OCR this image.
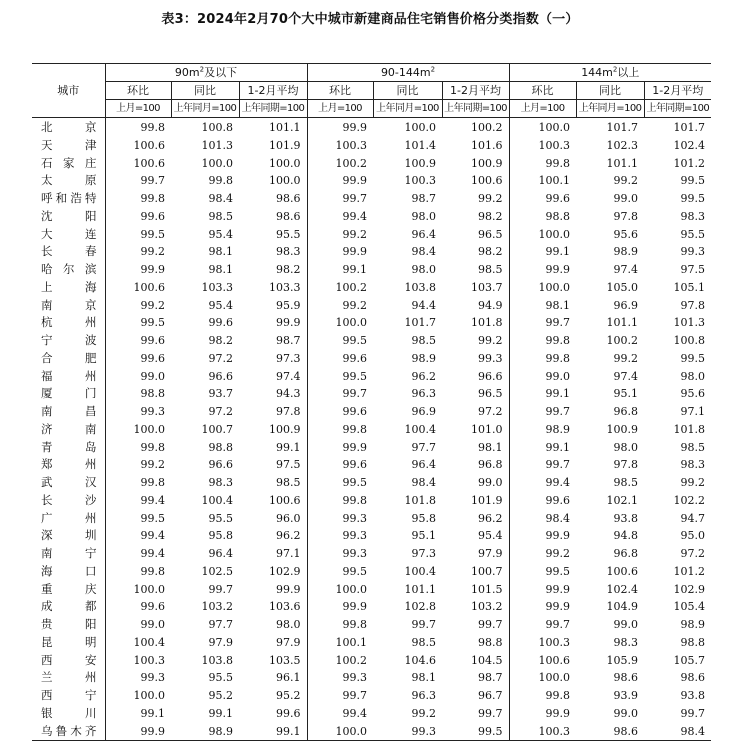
表3：2024年2月70个大中城市新建商品住宅销售价格分类指数（一）
城市	$90m^2$及以下			$90-144m^2$			$144m^2$以上		
	环比	同比	1-2月平均	环比	同比	1-2月平均	环比	同比	1-2月平均
	上月=100	上年同月=100	上年同期=100	上月=100	上年同月=100	上年同期=100	上月=100	上年同月=100	上年同期=100
北京	99.8	100.8	101.1	99.9	100.0	100.2	100.0	101.7	101.7
天津	100.6	101.3	101.9	100.3	101.4	101.6	100.3	102.3	102.4
石家庄	100.6	100.0	100.0	100.2	100.9	100.9	99.8	101.1	101.2
太原	99.7	99.8	100.0	99.9	100.3	100.6	100.1	99.2	99.5
呼和浩特	99.8	98.4	98.6	99.7	98.7	99.2	99.6	99.0	99.5
沈阳	99.6	98.5	98.6	99.4	98.0	98.2	98.8	97.8	98.3
大连	99.5	95.4	95.5	99.2	96.4	96.5	100.0	95.6	95.5
长春	99.2	98.1	98.3	99.9	98.4	98.2	99.1	98.9	99.3
哈尔滨	99.9	98.1	98.2	99.1	98.0	98.5	99.9	97.4	97.5
上海	100.6	103.3	103.3	100.2	103.8	103.7	100.0	105.0	105.1
南京	99.2	95.4	95.9	99.2	94.4	94.9	98.1	96.9	97.8
杭州	99.5	99.6	99.9	100.0	101.7	101.8	99.7	101.1	101.3
宁波	99.6	98.2	98.7	99.5	98.5	99.2	99.8	100.2	100.8
合肥	99.6	97.2	97.3	99.6	98.9	99.3	99.8	99.2	99.5
福州	99.0	96.6	97.4	99.5	96.2	96.6	99.0	97.4	98.0
厦门	98.8	93.7	94.3	99.7	96.3	96.5	99.1	95.1	95.6
南昌	99.3	97.2	97.8	99.6	96.9	97.2	99.7	96.8	97.1
济南	100.0	100.7	100.9	99.8	100.4	101.0	98.9	100.9	101.8
青岛	99.8	98.8	99.1	99.9	97.7	98.1	99.1	98.0	98.5
郑州	99.2	96.6	97.5	99.6	96.4	96.8	99.7	97.8	98.3
武汉	99.8	98.3	98.5	99.5	98.4	99.0	99.4	98.5	99.2
长沙	99.4	100.4	100.6	99.8	101.8	101.9	99.6	102.1	102.2
广州	99.5	95.5	96.0	99.3	95.8	96.2	98.4	93.8	94.7
深圳	99.4	95.8	96.2	99.3	95.1	95.4	99.9	94.8	95.0
南宁	99.4	96.4	97.1	99.3	97.3	97.9	99.2	96.8	97.2
海口	99.8	102.5	102.9	99.5	100.4	100.7	99.5	100.6	101.2
重庆	100.0	99.7	99.9	100.0	101.1	101.5	99.9	102.4	102.9
成都	99.6	103.2	103.6	99.9	102.8	103.2	99.9	104.9	105.4
贵阳	99.0	97.7	98.0	99.8	99.7	99.7	99.7	99.0	98.9
昆明	100.4	97.9	97.9	100.1	98.5	98.8	100.3	98.3	98.8
西安	100.3	103.8	103.5	100.2	104.6	104.5	100.6	105.9	105.7
兰州	99.3	95.5	96.1	99.3	98.1	98.7	100.0	98.6	98.6
西宁	100.0	95.2	95.2	99.7	96.3	96.7	99.8	93.9	93.8
银川	99.1	99.1	99.6	99.4	99.2	99.7	99.9	99.0	99.7
乌鲁木齐	99.9	98.9	99.1	100.0	99.3	99.5	100.3	98.6	98.4
